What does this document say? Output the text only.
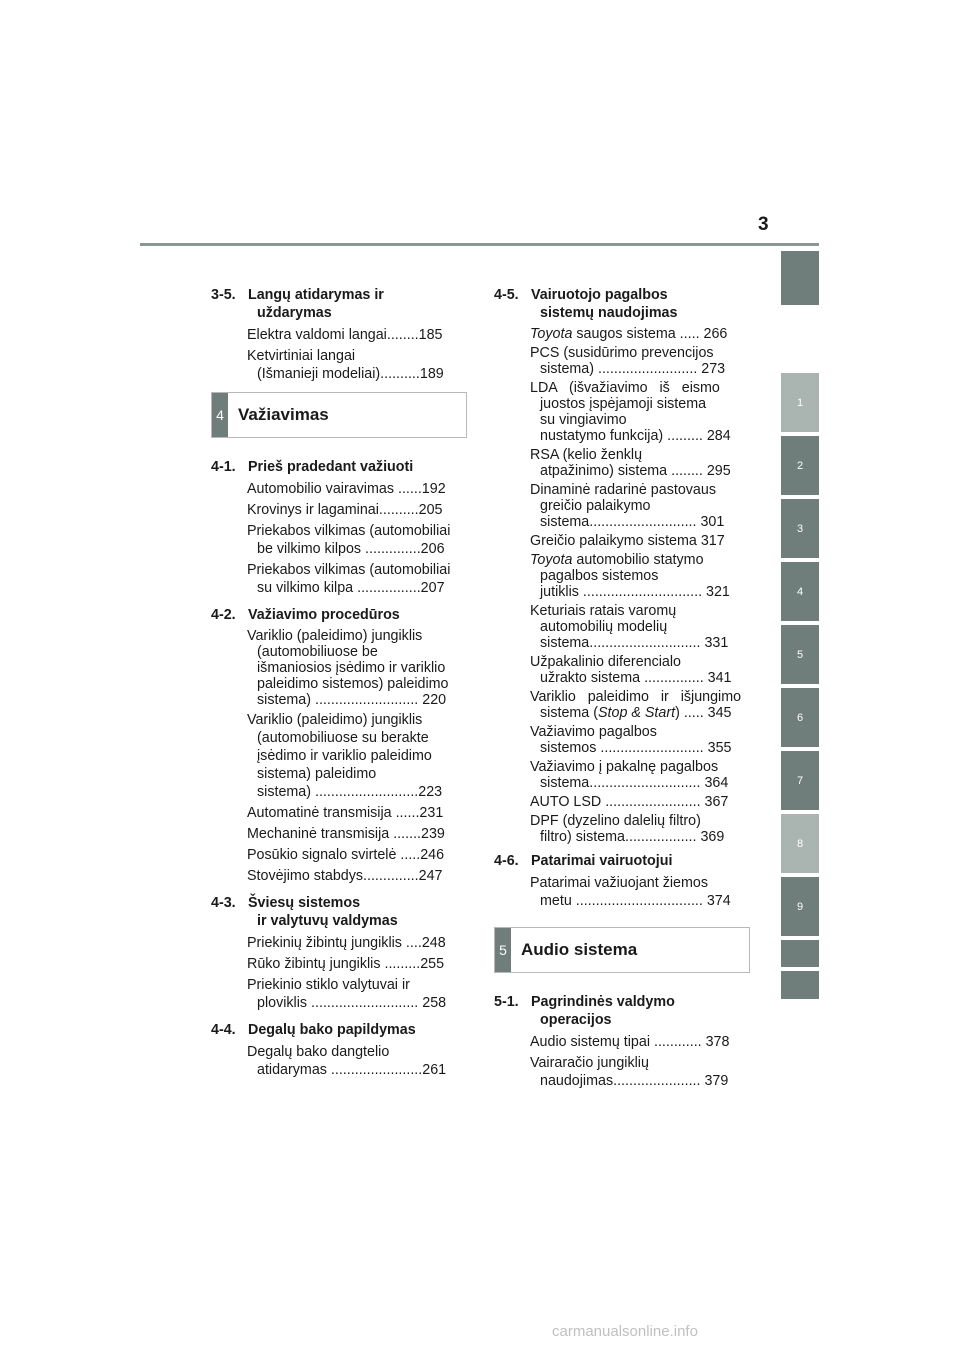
3
1
2
3
4
5
6
7
8
9
3-5. Langų atidarymas ir
uždarymas
Elektra valdomi langai........185
Ketvirtiniai langai
(Išmanieji modeliai)..........189
4 Važiavimas
4-1. Prieš pradedant važiuoti
Automobilio vairavimas ......192
Krovinys ir lagaminai..........205
Priekabos vilkimas (automobiliai
be vilkimo kilpos ..............206
Priekabos vilkimas (automobiliai
su vilkimo kilpa ................207
4-2. Važiavimo procedūros
Variklio (paleidimo) jungiklis
(automobiliuose be
išmaniosios įsėdimo ir variklio
paleidimo sistemos) paleidimo
sistema) .......................... 220
Variklio (paleidimo) jungiklis
(automobiliuose su berakte
įsėdimo ir variklio paleidimo
sistema) paleidimo
sistema) ..........................223
Automatinė transmisija ......231
Mechaninė transmisija .......239
Posūkio signalo svirtelė .....246
Stovėjimo stabdys..............247
4-3. Šviesų sistemos
ir valytuvų valdymas
Priekinių žibintų jungiklis ....248
Rūko žibintų jungiklis .........255
Priekinio stiklo valytuvai ir
ploviklis ........................... 258
4-4. Degalų bako papildymas
Degalų bako dangtelio
atidarymas .......................261
4-5. Vairuotojo pagalbos
sistemų naudojimas
Toyota saugos sistema ..... 266
PCS (susidūrimo prevencijos
sistema) ......................... 273
LDA   (išvažiavimo   iš   eismo
juostos įspėjamoji sistema
su vingiavimo
nustatymo funkcija) ......... 284
RSA (kelio ženklų
atpažinimo) sistema ........ 295
Dinaminė radarinė pastovaus
greičio palaikymo
sistema........................... 301
Greičio palaikymo sistema 317
Toyota automobilio statymo
pagalbos sistemos
jutiklis .............................. 321
Keturiais ratais varomų
automobilių modelių
sistema............................ 331
Užpakalinio diferencialo
užrakto sistema ............... 341
Variklio   paleidimo   ir   išjungimo
sistema (Stop & Start) ..... 345
Važiavimo pagalbos
sistemos .......................... 355
Važiavimo į pakalnę pagalbos
sistema............................ 364
AUTO LSD ........................ 367
DPF (dyzelino dalelių filtro)
filtro) sistema.................. 369
4-6. Patarimai vairuotojui
Patarimai važiuojant žiemos
metu ................................ 374
5 Audio sistema
5-1. Pagrindinės valdymo
operacijos
Audio sistemų tipai ............ 378
Vairaračio jungiklių
naudojimas...................... 379
carmanualsonline.info
